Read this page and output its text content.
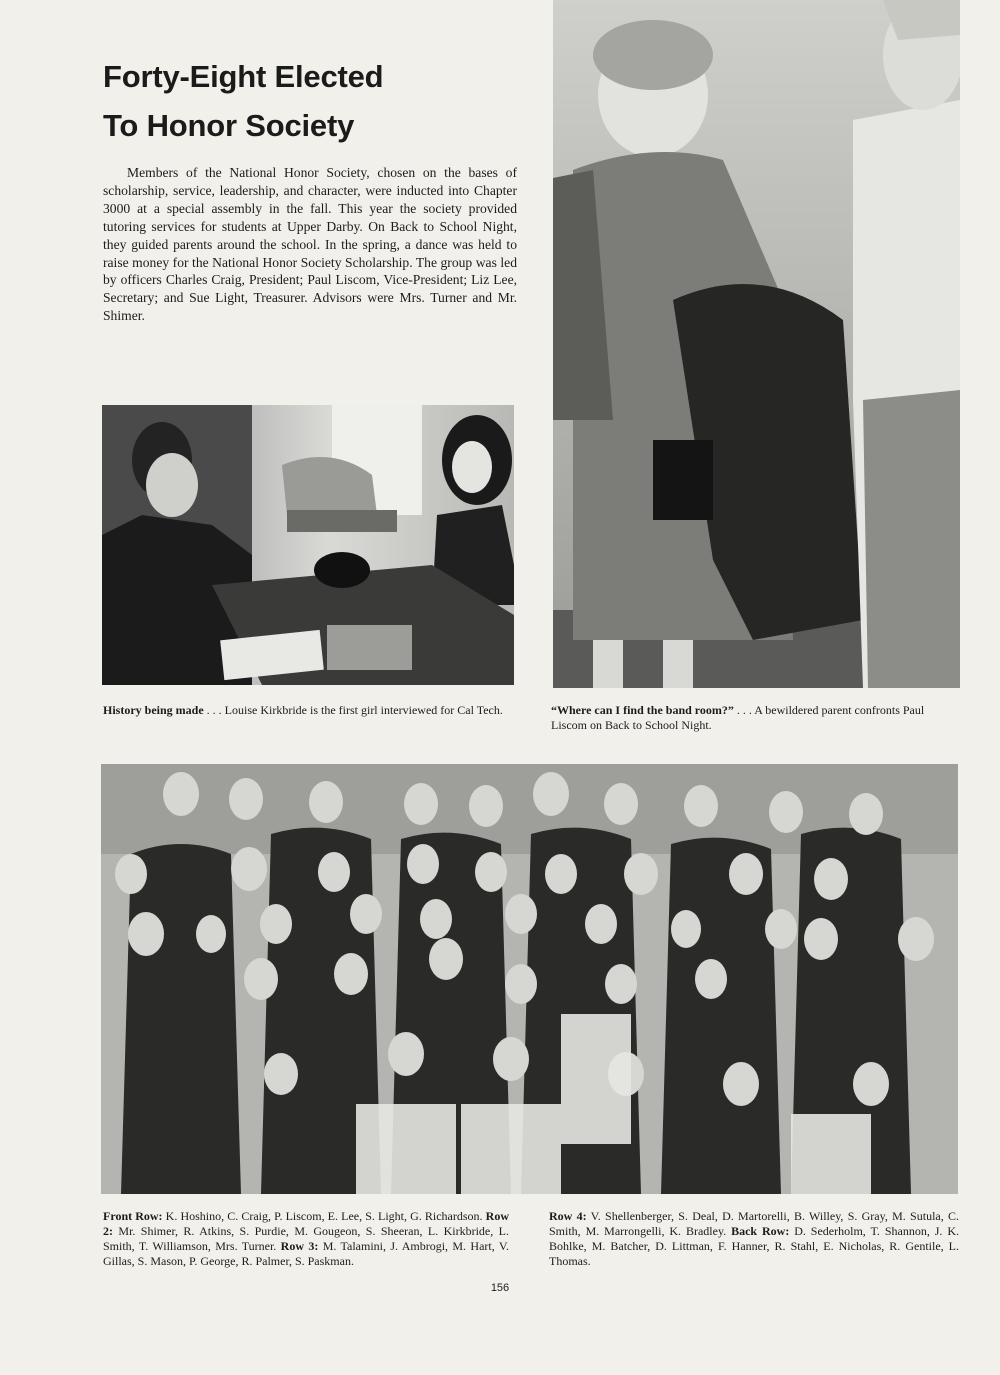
Forty-Eight Elected
To Honor Society

Members of the National Honor Society, chosen on the bases of scholarship, service, leadership, and character, were inducted into Chapter 3000 at a special assembly in the fall. This year the society provided tutoring services for students at Upper Darby. On Back to School Night, they guided parents around the school. In the spring, a dance was held to raise money for the National Honor Society Scholarship. The group was led by officers Charles Craig, President; Paul Liscom, Vice-President; Liz Lee, Secretary; and Sue Light, Treasurer. Advisors were Mrs. Turner and Mr. Shimer.

History being made . . . Louise Kirkbride is the first girl interviewed for Cal Tech.	“Where can I find the band room?” . . . A bewildered parent confronts Paul Liscom on Back to School Night.

Front Row: K. Hoshino, C. Craig, P. Liscom, E. Lee, S. Light, G. Richardson. Row 2: Mr. Shimer, R. Atkins, S. Purdie, M. Gougeon, S. Sheeran, L. Kirkbride, L. Smith, T. Williamson, Mrs. Turner. Row 3: M. Talamini, J. Ambrogi, M. Hart, V. Gillas, S. Mason, P. George, R. Palmer, S. Paskman.

Row 4: V. Shellenberger, S. Deal, D. Martorelli, B. Willey, S. Gray, M. Sutula, C. Smith, M. Marrongelli, K. Bradley. Back Row: D. Sederholm, T. Shannon, J. K. Bohlke, M. Batcher, D. Littman, F. Hanner, R. Stahl, E. Nicholas, R. Gentile, L. Thomas.

156
